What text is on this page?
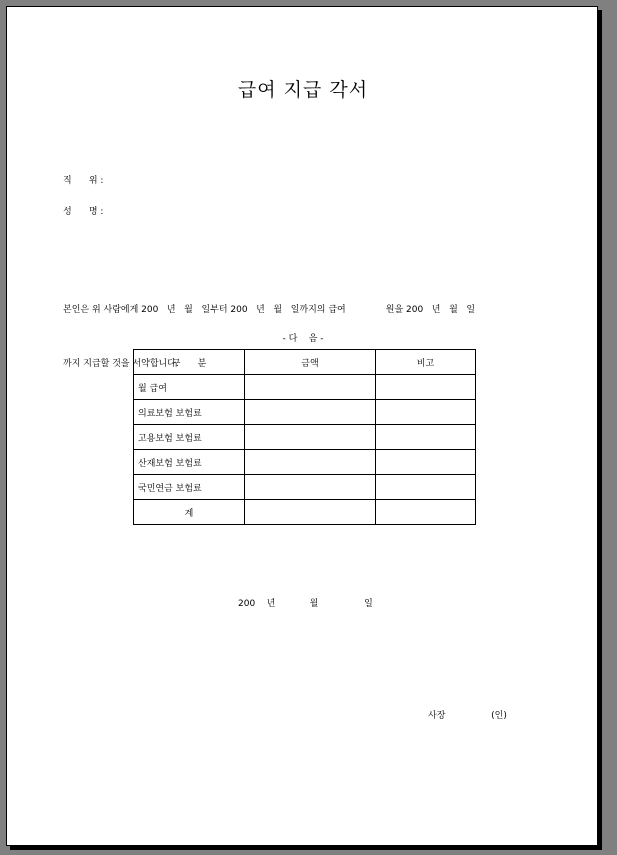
급여 지급 각서
직      위 :
성      명 :

본인은 위 사람에게 200   년   월   일부터 200   년   월   일까지의 급여              원을 200   년   월   일

까지 지급할 것을 서약합니다.

- 다    음 -
구      분	금액	비고
월 급여		
의료보험 보험료		
고용보험 보험료		
산재보험 보험료		
국민연금 보험료		
계		
200    년            월                일
사장                (인)
